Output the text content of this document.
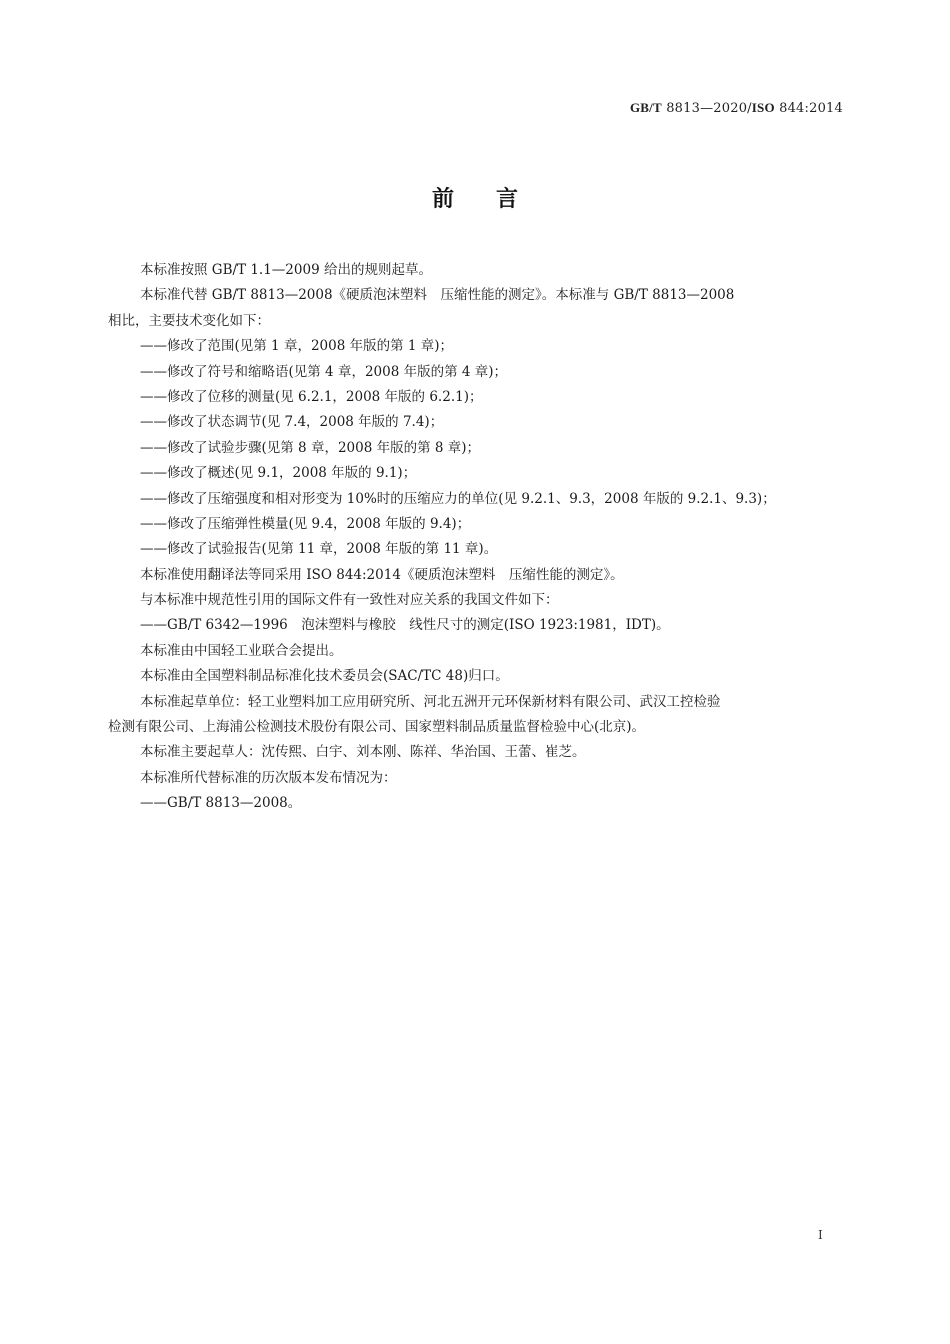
GB/T 8813—2020/ISO 844:2014
前言
本标准按照 GB/T 1.1—2009 给出的规则起草。
本标准代替 GB/T 8813—2008《硬质泡沫塑料　压缩性能的测定》。本标准与 GB/T 8813—2008
相比，主要技术变化如下：
——修改了范围(见第 1 章，2008 年版的第 1 章)；
——修改了符号和缩略语(见第 4 章，2008 年版的第 4 章)；
——修改了位移的测量(见 6.2.1，2008 年版的 6.2.1)；
——修改了状态调节(见 7.4，2008 年版的 7.4)；
——修改了试验步骤(见第 8 章，2008 年版的第 8 章)；
——修改了概述(见 9.1，2008 年版的 9.1)；
——修改了压缩强度和相对形变为 10%时的压缩应力的单位(见 9.2.1、9.3，2008 年版的 9.2.1、9.3)；
——修改了压缩弹性模量(见 9.4，2008 年版的 9.4)；
——修改了试验报告(见第 11 章，2008 年版的第 11 章)。
本标准使用翻译法等同采用 ISO 844:2014《硬质泡沫塑料　压缩性能的测定》。
与本标准中规范性引用的国际文件有一致性对应关系的我国文件如下：
——GB/T 6342—1996　泡沫塑料与橡胶　线性尺寸的测定(ISO 1923:1981，IDT)。
本标准由中国轻工业联合会提出。
本标准由全国塑料制品标准化技术委员会(SAC/TC 48)归口。
本标准起草单位：轻工业塑料加工应用研究所、河北五洲开元环保新材料有限公司、武汉工控检验
检测有限公司、上海浦公检测技术股份有限公司、国家塑料制品质量监督检验中心(北京)。
本标准主要起草人：沈传熙、白宇、刘本刚、陈祥、华治国、王蕾、崔芝。
本标准所代替标准的历次版本发布情况为：
——GB/T 8813—2008。
I
